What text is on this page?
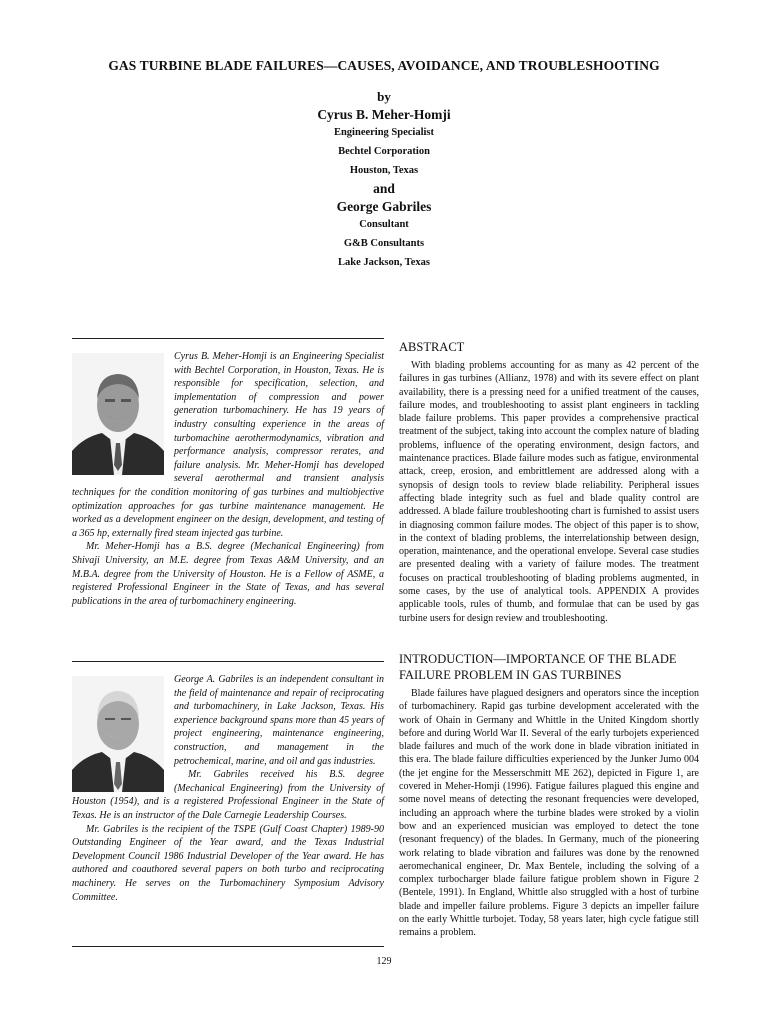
GAS TURBINE BLADE FAILURES—CAUSES, AVOIDANCE, AND TROUBLESHOOTING
by
Cyrus B. Meher-Homji
Engineering Specialist
Bechtel Corporation
Houston, Texas
and
George Gabriles
Consultant
G&B Consultants
Lake Jackson, Texas

Cyrus B. Meher-Homji is an Engineering Specialist with Bechtel Corporation, in Houston, Texas. He is responsible for specification, selection, and implementation of compression and power generation turbomachinery. He has 19 years of industry consulting experience in the areas of turbomachine aerothermodynamics, vibration and performance analysis, compressor rerates, and failure analysis. Mr. Meher-Homji has developed several aerothermal and transient analysis techniques for the condition monitoring of gas turbines and multiobjective optimization approaches for gas turbine maintenance management. He worked as a development engineer on the design, development, and testing of a 365 hp, externally fired steam injected gas turbine.

Mr. Meher-Homji has a B.S. degree (Mechanical Engineering) from Shivaji University, an M.E. degree from Texas A&M University, and an M.B.A. degree from the University of Houston. He is a Fellow of ASME, a registered Professional Engineer in the State of Texas, and has several publications in the area of turbomachinery engineering.

George A. Gabriles is an independent consultant in the field of maintenance and repair of reciprocating and turbomachinery, in Lake Jackson, Texas. His experience background spans more than 45 years of project engineering, maintenance engineering, construction, and management in the petrochemical, marine, and oil and gas industries.

Mr. Gabriles received his B.S. degree (Mechanical Engineering) from the University of Houston (1954), and is a registered Professional Engineer in the State of Texas. He is an instructor of the Dale Carnegie Leadership Courses.

Mr. Gabriles is the recipient of the TSPE (Gulf Coast Chapter) 1989-90 Outstanding Engineer of the Year award, and the Texas Industrial Development Council 1986 Industrial Developer of the Year award. He has authored and coauthored several papers on both turbo and reciprocating machinery. He serves on the Turbomachinery Symposium Advisory Committee.

ABSTRACT

With blading problems accounting for as many as 42 percent of the failures in gas turbines (Allianz, 1978) and with its severe effect on plant availability, there is a pressing need for a unified treatment of the causes, failure modes, and troubleshooting to assist plant engineers in tackling blade failure problems. This paper provides a comprehensive practical treatment of the subject, taking into account the complex nature of blading problems, influence of the operating environment, design factors, and maintenance practices. Blade failure modes such as fatigue, environmental attack, creep, erosion, and embrittlement are addressed along with a synopsis of design tools to review blade reliability. Peripheral issues affecting blade integrity such as fuel and blade quality control are addressed. A blade failure troubleshooting chart is furnished to assist users in diagnosing common failure modes. The object of this paper is to show, in the context of blading problems, the interrelationship between design, operation, maintenance, and the operational envelope. Several case studies are presented dealing with a variety of failure modes. The treatment focuses on practical troubleshooting of blading problems augmented, in some cases, by the use of analytical tools. APPENDIX A provides applicable tools, rules of thumb, and formulae that can be used by gas turbine users for design review and troubleshooting.

INTRODUCTION—IMPORTANCE OF THE BLADE FAILURE PROBLEM IN GAS TURBINES

Blade failures have plagued designers and operators since the inception of turbomachinery. Rapid gas turbine development accelerated with the work of Ohain in Germany and Whittle in the United Kingdom shortly before and during World War II. Several of the early turbojets experienced blade failures and much of the work done in blade vibration initiated in this era. The blade failure difficulties experienced by the Junker Jumo 004 (the jet engine for the Messerschmitt ME 262), depicted in Figure 1, are covered in Meher-Homji (1996). Fatigue failures plagued this engine and some novel means of detecting the resonant frequencies were developed, including an approach where the turbine blades were stroked by a violin bow and an experienced musician was employed to detect the tone (resonant frequency) of the blades. In Germany, much of the pioneering work relating to blade vibration and failures was done by the renowned aeromechanical engineer, Dr. Max Bentele, including the solving of a complex turbocharger blade failure fatigue problem shown in Figure 2 (Bentele, 1991). In England, Whittle also struggled with a host of turbine blade and impeller failure problems. Figure 3 depicts an impeller failure on the early Whittle turbojet. Today, 58 years later, high cycle fatigue still remains a problem.

129
